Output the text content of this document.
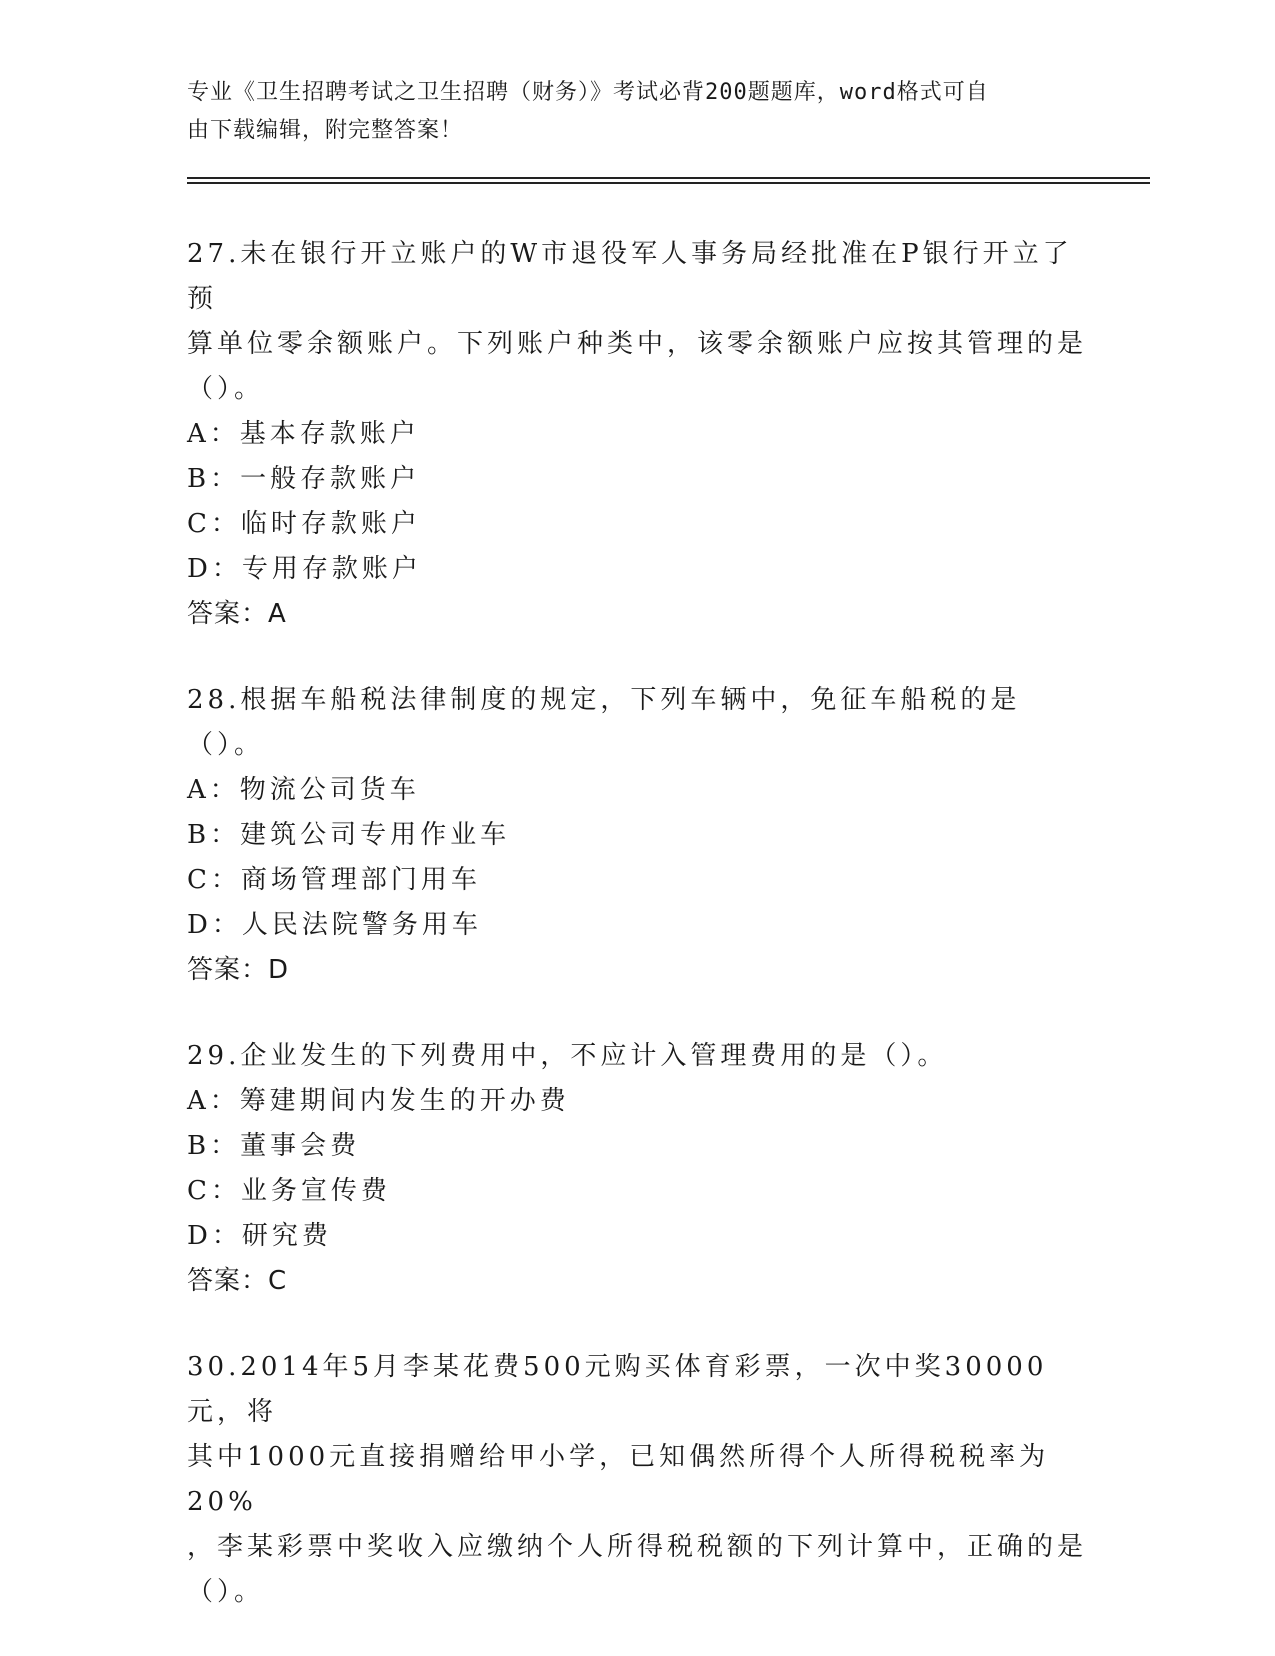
专业《卫生招聘考试之卫生招聘（财务）》考试必背200题题库，word格式可自
由下载编辑，附完整答案！
27.未在银行开立账户的W市退役军人事务局经批准在P银行开立了预
算单位零余额账户。下列账户种类中，该零余额账户应按其管理的是
（）。
A：基本存款账户
B：一般存款账户
C：临时存款账户
D：专用存款账户
答案：A
28.根据车船税法律制度的规定，下列车辆中，免征车船税的是（）。
A：物流公司货车
B：建筑公司专用作业车
C：商场管理部门用车
D：人民法院警务用车
答案：D
29.企业发生的下列费用中，不应计入管理费用的是（）。
A：筹建期间内发生的开办费
B：董事会费
C：业务宣传费
D：研究费
答案：C
30.2014年5月李某花费500元购买体育彩票，一次中奖30000元，将
其中1000元直接捐赠给甲小学，已知偶然所得个人所得税税率为20%
，李某彩票中奖收入应缴纳个人所得税税额的下列计算中，正确的是
（）。
